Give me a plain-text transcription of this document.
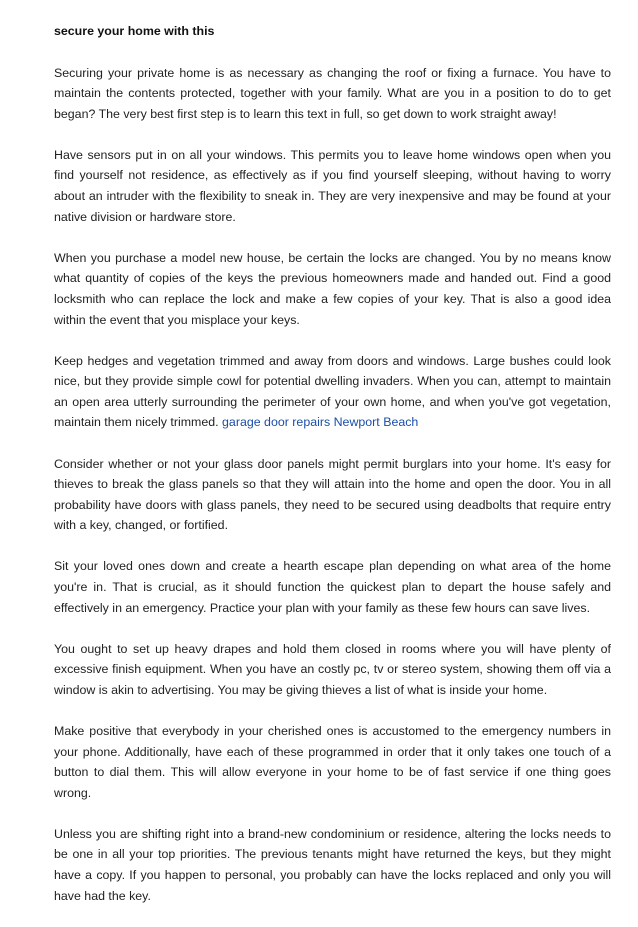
secure your home with this

Securing your private home is as necessary as changing the roof or fixing a furnace. You have to maintain the contents protected, together with your family. What are you in a position to do to get began? The very best first step is to learn this text in full, so get down to work straight away!

Have sensors put in on all your windows. This permits you to leave home windows open when you find yourself not residence, as effectively as if you find yourself sleeping, without having to worry about an intruder with the flexibility to sneak in. They are very inexpensive and may be found at your native division or hardware store.

When you purchase a model new house, be certain the locks are changed. You by no means know what quantity of copies of the keys the previous homeowners made and handed out. Find a good locksmith who can replace the lock and make a few copies of your key. That is also a good idea within the event that you misplace your keys.

Keep hedges and vegetation trimmed and away from doors and windows. Large bushes could look nice, but they provide simple cowl for potential dwelling invaders. When you can, attempt to maintain an open area utterly surrounding the perimeter of your own home, and when you've got vegetation, maintain them nicely trimmed. garage door repairs Newport Beach

Consider whether or not your glass door panels might permit burglars into your home. It's easy for thieves to break the glass panels so that they will attain into the home and open the door. You in all probability have doors with glass panels, they need to be secured using deadbolts that require entry with a key, changed, or fortified.

Sit your loved ones down and create a hearth escape plan depending on what area of the home you're in. That is crucial, as it should function the quickest plan to depart the house safely and effectively in an emergency. Practice your plan with your family as these few hours can save lives.

You ought to set up heavy drapes and hold them closed in rooms where you will have plenty of excessive finish equipment. When you have an costly pc, tv or stereo system, showing them off via a window is akin to advertising. You may be giving thieves a list of what is inside your home.

Make positive that everybody in your cherished ones is accustomed to the emergency numbers in your phone. Additionally, have each of these programmed in order that it only takes one touch of a button to dial them. This will allow everyone in your home to be of fast service if one thing goes wrong.

Unless you are shifting right into a brand-new condominium or residence, altering the locks needs to be one in all your top priorities. The previous tenants might have returned the keys, but they might have a copy. If you happen to personal, you probably can have the locks replaced and only you will have had the key.
